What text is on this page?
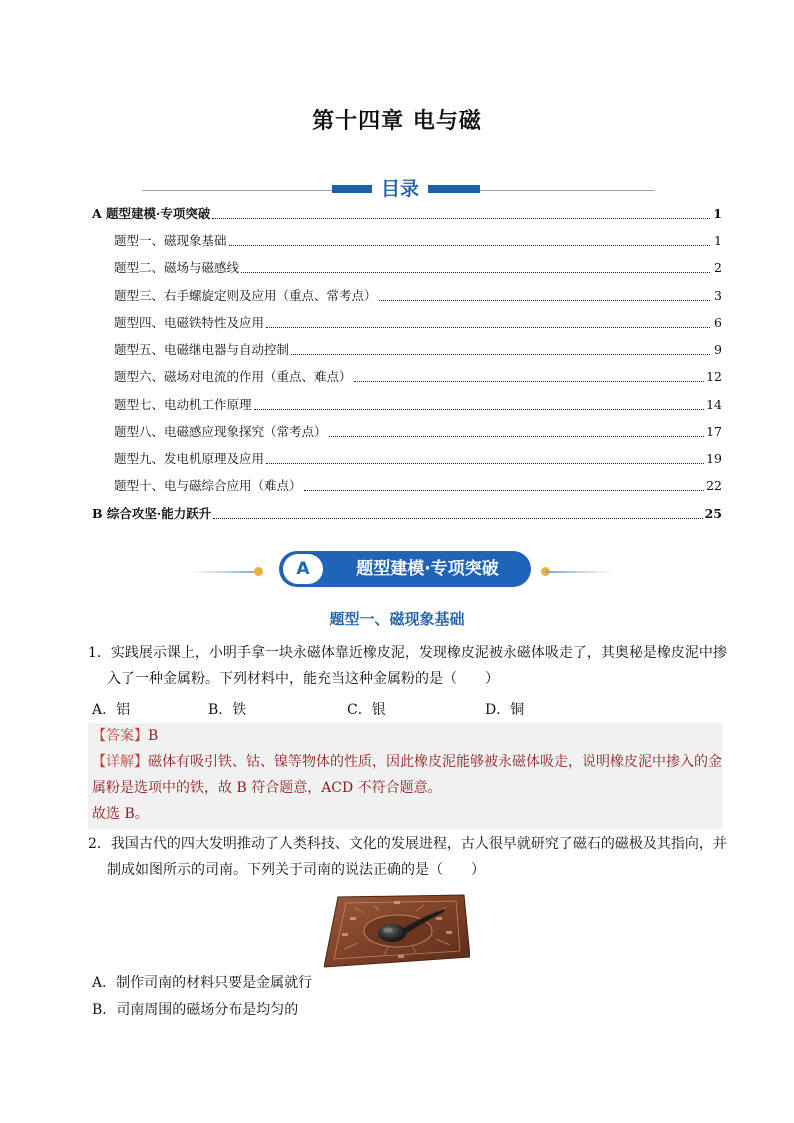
第十四章 电与磁
目录
A 题型建模·专项突破	1
题型一、磁现象基础	1
题型二、磁场与磁感线	2
题型三、右手螺旋定则及应用（重点、常考点）	3
题型四、电磁铁特性及应用	6
题型五、电磁继电器与自动控制	9
题型六、磁场对电流的作用（重点、难点）	12
题型七、电动机工作原理	14
题型八、电磁感应现象探究（常考点）	17
题型九、发电机原理及应用	19
题型十、电与磁综合应用（难点）	22
B 综合攻坚·能力跃升	25
A	题型建模·专项突破
题型一、磁现象基础
1．实践展示课上，小明手拿一块永磁体靠近橡皮泥，发现橡皮泥被永磁体吸走了，其奥秘是橡皮泥中掺
入了一种金属粉。下列材料中，能充当这种金属粉的是（　　）
A．铝	B．铁	C．银	D．铜
【答案】B
【详解】磁体有吸引铁、钴、镍等物体的性质，因此橡皮泥能够被永磁体吸走，说明橡皮泥中掺入的金
属粉是选项中的铁，故 B 符合题意，ACD 不符合题意。
故选 B。
2．我国古代的四大发明推动了人类科技、文化的发展进程，古人很早就研究了磁石的磁极及其指向，并
制成如图所示的司南。下列关于司南的说法正确的是（　　）
A．制作司南的材料只要是金属就行
B．司南周围的磁场分布是均匀的
